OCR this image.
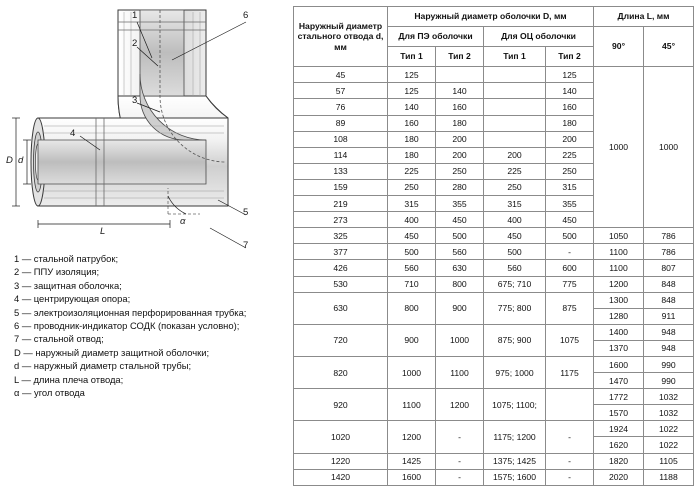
1
2
3
4
5
6
7
D d
L
α
1 — стальной патрубок;
2 — ППУ изоляция;
3 — защитная оболочка;
4 — центрирующая опора;
5 — электроизоляционная перфорированная трубка;
6 — проводник-индикатор СОДК (показан условно);
7 — стальной отвод;
D — наружный диаметр защитной оболочки;
d — наружный диаметр стальной трубы;
L — длина плеча отвода;
α — угол отвода
Наружный диаметр стального отвода d, мм	Наружный диаметр оболочки D, мм				Длина L, мм	
	Для ПЭ оболочки		Для ОЦ оболочки		90°	45°
	Тип 1	Тип 2	Тип 1	Тип 2		
45	125			125	1000	1000
57	125	140		140		
76	140	160		160		
89	160	180		180		
108	180	200		200		
114	180	200	200	225		
133	225	250	225	250		
159	250	280	250	315		
219	315	355	315	355		
273	400	450	400	450		
325	450	500	450	500	1050	786
377	500	560	500	-	1100	786
426	560	630	560	600	1100	807
530	710	800	675; 710	775	1200	848
630	800	900	775; 800	875	1300	848
					1280	911
720	900	1000	875; 900	1075	1400	948
					1370	948
820	1000	1100	975; 1000	1175	1600	990
					1470	990
920	1100	1200	1075; 1100;		1772	1032
					1570	1032
1020	1200	-	1175; 1200	-	1924	1022
					1620	1022
1220	1425	-	1375; 1425	-	1820	1105
1420	1600	-	1575; 1600	-	2020	1188
